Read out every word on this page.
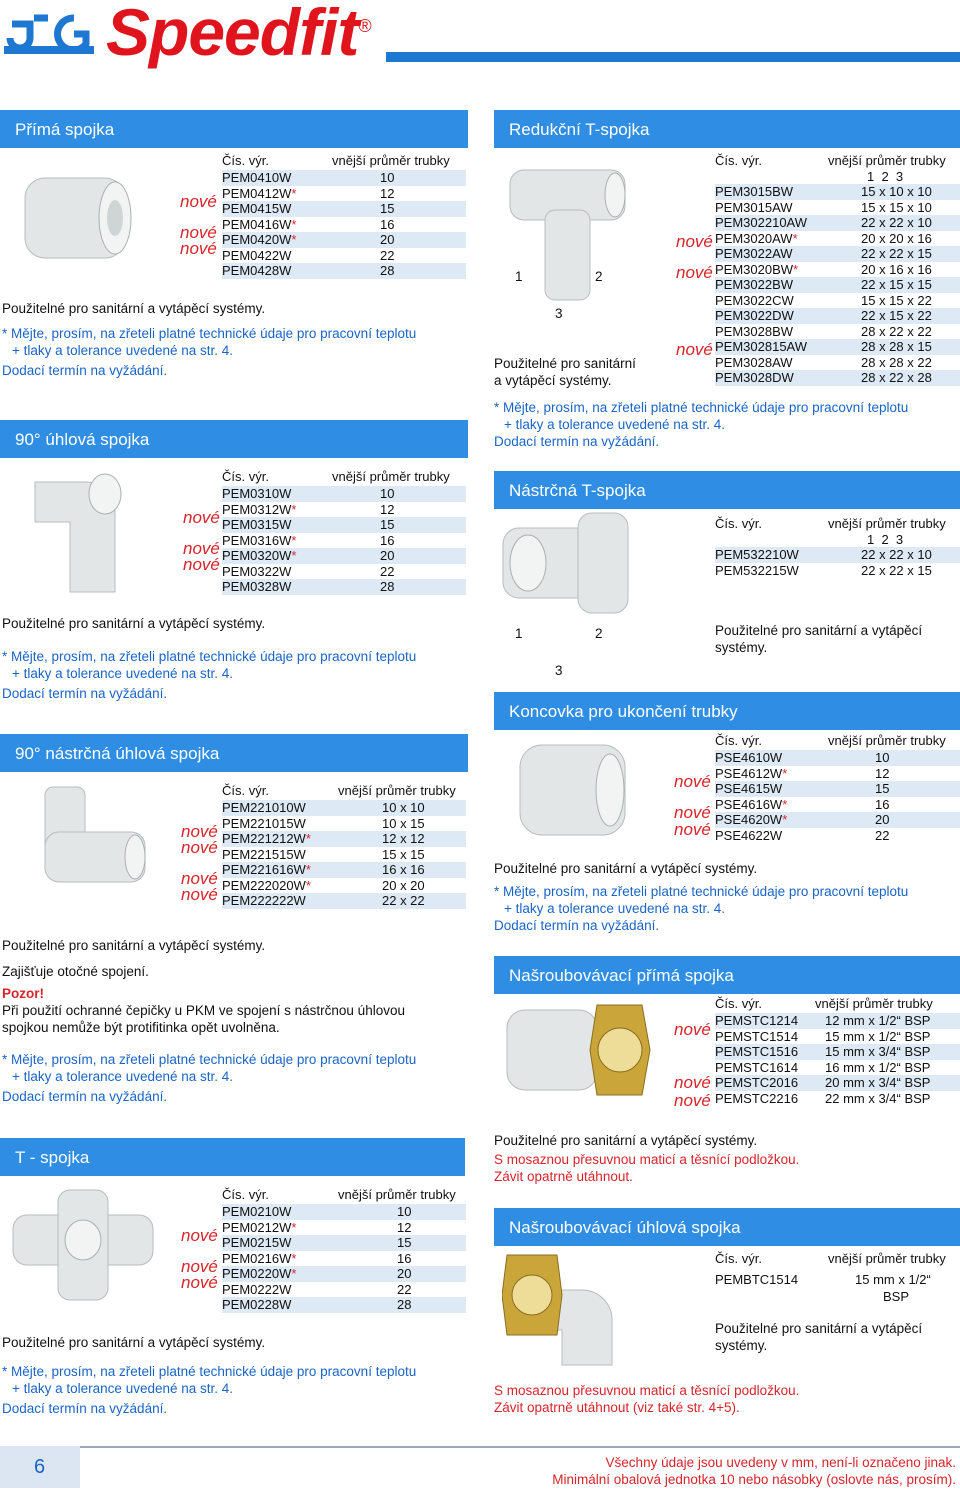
Speedfit®
Přímá spojka
Čís. výr.	vnější průměr trubky
PEM0410W	10
PEM0412W*	12
PEM0415W	15
PEM0416W*	16
PEM0420W*	20
PEM0422W	22
PEM0428W	28
nové
nové
nové
Použitelné pro sanitární a vytápěcí systémy.
* Mějte, prosím, na zřeteli platné technické údaje pro pracovní teplotu
+ tlaky a tolerance uvedené na str. 4.
Dodací termín na vyžádání.
Redukční T-spojka
1	2
3
Použitelné pro sanitární
a vytápěcí systémy.
Čís. výr.	vnější průměr trubky
1  2  3
PEM3015BW	15 x 10 x 10
PEM3015AW	15 x 15 x 10
PEM302210AW	22 x 22 x 10
PEM3020AW*	20 x 20 x 16
PEM3022AW	22 x 22 x 15
PEM3020BW*	20 x 16 x 16
PEM3022BW	22 x 15 x 15
PEM3022CW	15 x 15 x 22
PEM3022DW	22 x 15 x 22
PEM3028BW	28 x 22 x 22
PEM302815AW	28 x 28 x 15
PEM3028AW	28 x 28 x 22
PEM3028DW	28 x 22 x 28
nové
nové
nové
* Mějte, prosím, na zřeteli platné technické údaje pro pracovní teplotu
+ tlaky a tolerance uvedené na str. 4.
Dodací termín na vyžádání.
90° úhlová spojka
Čís. výr.	vnější průměr trubky
PEM0310W	10
PEM0312W*	12
PEM0315W	15
PEM0316W*	16
PEM0320W*	20
PEM0322W	22
PEM0328W	28
nové
nové
nové
Použitelné pro sanitární a vytápěcí systémy.
* Mějte, prosím, na zřeteli platné technické údaje pro pracovní teplotu
+ tlaky a tolerance uvedené na str. 4.
Dodací termín na vyžádání.
Nástrčná T-spojka
1	2
3
Čís. výr.	vnější průměr trubky
1  2  3
PEM532210W	22 x 22 x 10
PEM532215W	22 x 22 x 15
Použitelné pro sanitární a vytápěcí
systémy.
Koncovka pro ukončení trubky
Čís. výr.	vnější průměr trubky
PSE4610W	10
PSE4612W*	12
PSE4615W	15
PSE4616W*	16
PSE4620W*	20
PSE4622W	22
nové
nové
nové
Použitelné pro sanitární a vytápěcí systémy.
* Mějte, prosím, na zřeteli platné technické údaje pro pracovní teplotu
+ tlaky a tolerance uvedené na str. 4.
Dodací termín na vyžádání.
90° nástrčná úhlová spojka
Čís. výr.	vnější průměr trubky
PEM221010W	10 x 10
PEM221015W	10 x 15
PEM221212W*	12 x 12
PEM221515W	15 x 15
PEM221616W*	16 x 16
PEM222020W*	20 x 20
PEM222222W	22 x 22
nové
nové
nové
nové
Použitelné pro sanitární a vytápěcí systémy.
Zajišťuje otočné spojení.
Pozor!
Při použití ochranné čepičky u PKM ve spojení s nástrčnou úhlovou
spojkou nemůže být protifitinka opět uvolněna.
* Mějte, prosím, na zřeteli platné technické údaje pro pracovní teplotu
+ tlaky a tolerance uvedené na str. 4.
Dodací termín na vyžádání.
Našroubovávací přímá spojka
Čís. výr.	vnější průměr trubky
PEMSTC1214	12 mm x 1/2“ BSP
PEMSTC1514	15 mm x 1/2“ BSP
PEMSTC1516	15 mm x 3/4“ BSP
PEMSTC1614	16 mm x 1/2“ BSP
PEMSTC2016	20 mm x 3/4“ BSP
PEMSTC2216	22 mm x 3/4“ BSP
nové
nové
nové
Použitelné pro sanitární a vytápěcí systémy.
S mosaznou přesuvnou maticí a těsnící podložkou.
Závit opatrně utáhnout.
T - spojka
Čís. výr.	vnější průměr trubky
PEM0210W	10
PEM0212W*	12
PEM0215W	15
PEM0216W*	16
PEM0220W*	20
PEM0222W	22
PEM0228W	28
nové
nové
nové
Použitelné pro sanitární a vytápěcí systémy.
* Mějte, prosím, na zřeteli platné technické údaje pro pracovní teplotu
+ tlaky a tolerance uvedené na str. 4.
Dodací termín na vyžádání.
Našroubovávací úhlová spojka
Čís. výr.	vnější průměr trubky
PEMBTC1514	15 mm x 1/2“
BSP
Použitelné pro sanitární a vytápěcí
systémy.
S mosaznou přesuvnou maticí a těsnící podložkou.
Závit opatrně utáhnout (viz také str. 4+5).
6	Všechny údaje jsou uvedeny v mm, není-li označeno jinak.
Minimální obalová jednotka 10 nebo násobky (oslovte nás, prosím).
